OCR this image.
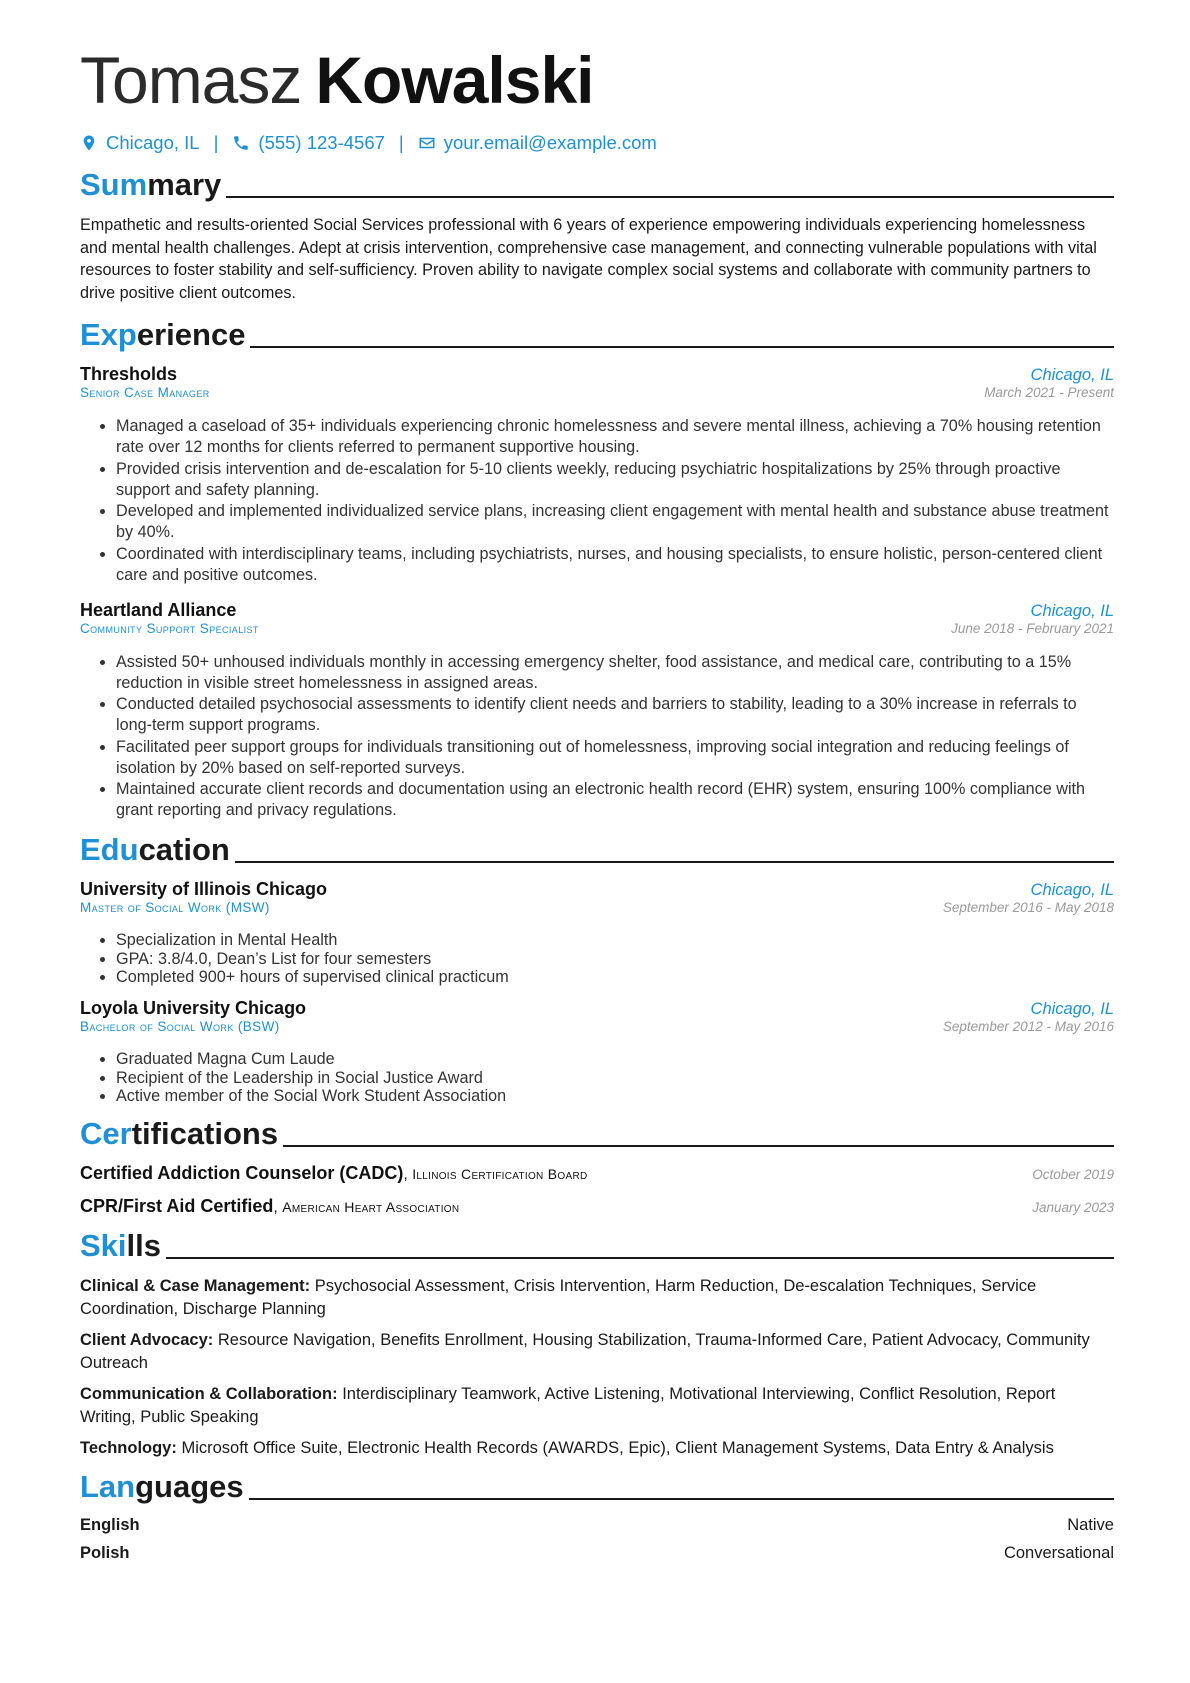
Tomasz Kowalski
Chicago, IL | (555) 123-4567 | your.email@example.com
Summary

Empathetic and results-oriented Social Services professional with 6 years of experience empowering individuals experiencing homelessness and mental health challenges. Adept at crisis intervention, comprehensive case management, and connecting vulnerable populations with vital resources to foster stability and self-sufficiency. Proven ability to navigate complex social systems and collaborate with community partners to drive positive client outcomes.

Experience
Thresholds	Chicago, IL
Senior Case Manager	March 2021 - Present
• Managed a caseload of 35+ individuals experiencing chronic homelessness and severe mental illness, achieving a 70% housing retention rate over 12 months for clients referred to permanent supportive housing.
• Provided crisis intervention and de-escalation for 5-10 clients weekly, reducing psychiatric hospitalizations by 25% through proactive support and safety planning.
• Developed and implemented individualized service plans, increasing client engagement with mental health and substance abuse treatment by 40%.
• Coordinated with interdisciplinary teams, including psychiatrists, nurses, and housing specialists, to ensure holistic, person-centered client care and positive outcomes.
Heartland Alliance	Chicago, IL
Community Support Specialist	June 2018 - February 2021
• Assisted 50+ unhoused individuals monthly in accessing emergency shelter, food assistance, and medical care, contributing to a 15% reduction in visible street homelessness in assigned areas.
• Conducted detailed psychosocial assessments to identify client needs and barriers to stability, leading to a 30% increase in referrals to long-term support programs.
• Facilitated peer support groups for individuals transitioning out of homelessness, improving social integration and reducing feelings of isolation by 20% based on self-reported surveys.
• Maintained accurate client records and documentation using an electronic health record (EHR) system, ensuring 100% compliance with grant reporting and privacy regulations.
Education
University of Illinois Chicago	Chicago, IL
Master of Social Work (MSW)	September 2016 - May 2018
• Specialization in Mental Health
• GPA: 3.8/4.0, Dean’s List for four semesters
• Completed 900+ hours of supervised clinical practicum
Loyola University Chicago	Chicago, IL
Bachelor of Social Work (BSW)	September 2012 - May 2016
• Graduated Magna Cum Laude
• Recipient of the Leadership in Social Justice Award
• Active member of the Social Work Student Association
Certifications
Certified Addiction Counselor (CADC), Illinois Certification Board	October 2019
CPR/First Aid Certified, American Heart Association	January 2023
Skills

Clinical & Case Management: Psychosocial Assessment, Crisis Intervention, Harm Reduction, De-escalation Techniques, Service Coordination, Discharge Planning

Client Advocacy: Resource Navigation, Benefits Enrollment, Housing Stabilization, Trauma-Informed Care, Patient Advocacy, Community Outreach

Communication & Collaboration: Interdisciplinary Teamwork, Active Listening, Motivational Interviewing, Conflict Resolution, Report Writing, Public Speaking

Technology: Microsoft Office Suite, Electronic Health Records (AWARDS, Epic), Client Management Systems, Data Entry & Analysis

Languages
English	Native
Polish	Conversational
